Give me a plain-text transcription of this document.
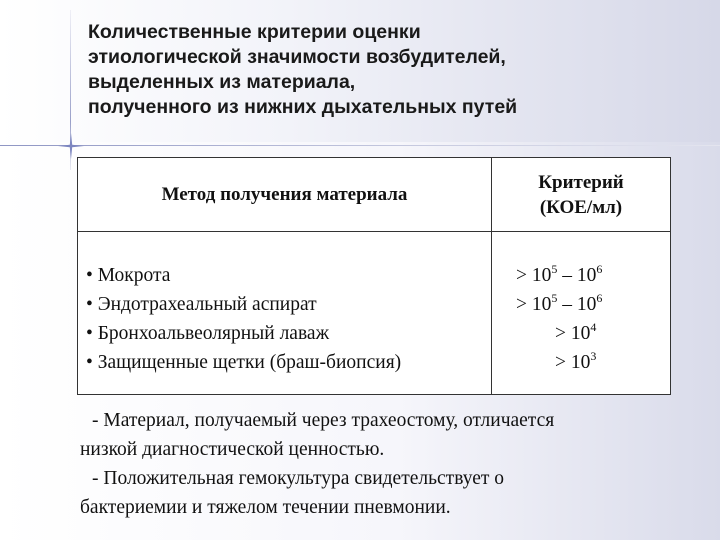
Количественные критерии оценки
этиологической значимости возбудителей,
выделенных из материала,
полученного из нижних дыхательных путей
Метод получения материала
Критерий
(КОЕ/мл)
• Мокрота
• Эндотрахеальный аспират
• Бронхоальвеолярный лаваж
• Защищенные щетки (браш-биопсия)
> $10^5 - 10^6$
> $10^5 - 10^6$
> $10^4$
> $10^3$
- Материал, получаемый через трахеостому, отличается
низкой диагностической ценностью.
- Положительная гемокультура свидетельствует о
бактериемии и тяжелом течении пневмонии.
